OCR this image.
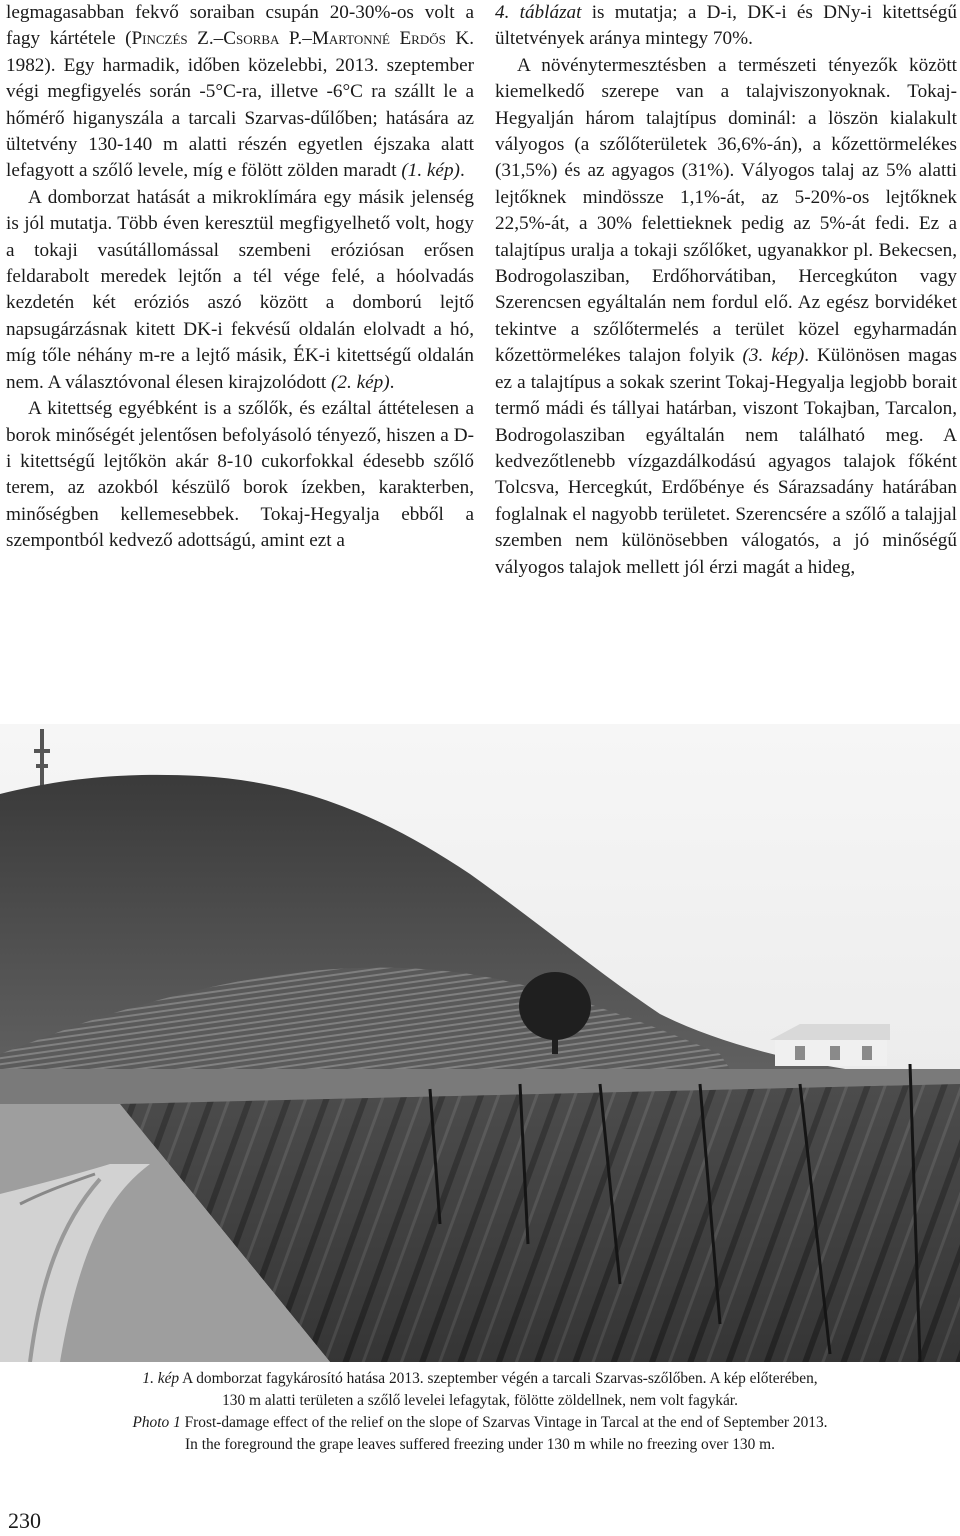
legmagasabban fekvő soraiban csupán 20-30%-os volt a fagy kártétele (Pinczés Z.–Csorba P.–Martonné Erdős K. 1982). Egy harmadik, időben közelebbi, 2013. szeptember végi megfigyelés során -5°C-ra, illetve -6°C ra szállt le a hőmérő higanyszála a tarcali Szarvas-dűlőben; hatására az ültetvény 130-140 m alatti részén egyetlen éjszaka alatt lefagyott a szőlő levele, míg e fölött zölden maradt (1. kép).

A domborzat hatását a mikroklímára egy másik jelenség is jól mutatja. Több éven keresztül megfigyelhető volt, hogy a tokaji vasútállomással szembeni eróziósan erősen feldarabolt meredek lejtőn a tél vége felé, a hóolvadás kezdetén két eróziós aszó között a domború lejtő napsugárzásnak kitett DK-i fekvésű oldalán elolvadt a hó, míg tőle néhány m-re a lejtő másik, ÉK-i kitettségű oldalán nem. A választóvonal élesen kirajzolódott (2. kép).

A kitettség egyébként is a szőlők, és ezáltal áttételesen a borok minőségét jelentősen befolyásoló tényező, hiszen a D-i kitettségű lejtőkön akár 8-10 cukorfokkal édesebb szőlő terem, az azokból készülő borok ízekben, karakterben, minőségben kellemesebbek. Tokaj-Hegyalja ebből a szempontból kedvező adottságú, amint ezt a

4. táblázat is mutatja; a D-i, DK-i és DNy-i kitettségű ültetvények aránya mintegy 70%.

A növénytermesztésben a természeti tényezők között kiemelkedő szerepe van a talajviszonyoknak. Tokaj-Hegyalján három talajtípus dominál: a löszön kialakult vályogos (a szőlőterületek 36,6%-án), a kőzettörmelékes (31,5%) és az agyagos (31%). Vályogos talaj az 5% alatti lejtőknek mindössze 1,1%-át, az 5-20%-os lejtőknek 22,5%-át, a 30% felettieknek pedig az 5%-át fedi. Ez a talajtípus uralja a tokaji szőlőket, ugyanakkor pl. Bekecsen, Bodrogolasziban, Erdőhorvátiban, Hercegkúton vagy Szerencsen egyáltalán nem fordul elő. Az egész borvidéket tekintve a szőlőtermelés a terület közel egyharmadán kőzettörmelékes talajon folyik (3. kép). Különösen magas ez a talajtípus a sokak szerint Tokaj-Hegyalja legjobb borait termő mádi és tállyai határban, viszont Tokajban, Tarcalon, Bodrogolasziban egyáltalán nem található meg. A kedvezőtlenebb vízgazdálkodású agyagos talajok főként Tolcsva, Hercegkút, Erdőbénye és Sárazsadány határában foglalnak el nagyobb területet. Szerencsére a szőlő a talajjal szemben nem különösebben válogatós, a jó minőségű vályogos talajok mellett jól érzi magát a hideg,

1. kép A domborzat fagykárosító hatása 2013. szeptember végén a tarcali Szarvas-szőlőben. A kép előterében,
130 m alatti területen a szőlő levelei lefagytak, fölötte zöldellnek, nem volt fagykár.
Photo 1 Frost-damage effect of the relief on the slope of Szarvas Vintage in Tarcal at the end of September 2013.
In the foreground the grape leaves suffered freezing under 130 m while no freezing over 130 m.
230
